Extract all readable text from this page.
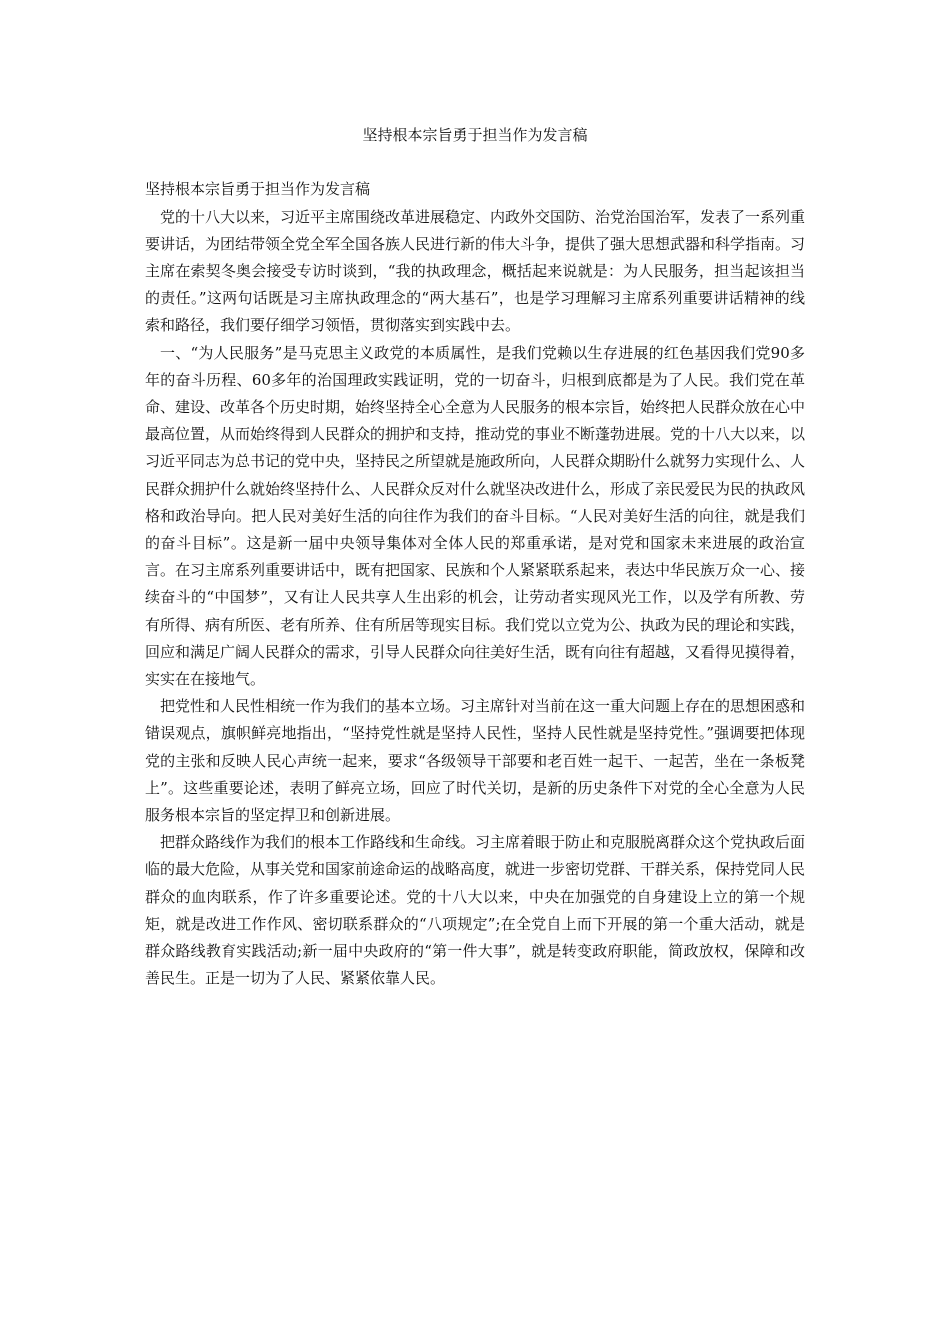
坚持根本宗旨勇于担当作为发言稿

坚持根本宗旨勇于担当作为发言稿

党的十八大以来，习近平主席围绕改革进展稳定、内政外交国防、治党治国治军，发表了一系列重要讲话，为团结带领全党全军全国各族人民进行新的伟大斗争，提供了强大思想武器和科学指南。习主席在索契冬奥会接受专访时谈到，“我的执政理念，概括起来说就是：为人民服务，担当起该担当的责任。”这两句话既是习主席执政理念的“两大基石”，也是学习理解习主席系列重要讲话精神的线索和路径，我们要仔细学习领悟，贯彻落实到实践中去。

一、“为人民服务”是马克思主义政党的本质属性，是我们党赖以生存进展的红色基因我们党90多年的奋斗历程、60多年的治国理政实践证明，党的一切奋斗，归根到底都是为了人民。我们党在革命、建设、改革各个历史时期，始终坚持全心全意为人民服务的根本宗旨，始终把人民群众放在心中最高位置，从而始终得到人民群众的拥护和支持，推动党的事业不断蓬勃进展。党的十八大以来，以习近平同志为总书记的党中央，坚持民之所望就是施政所向，人民群众期盼什么就努力实现什么、人民群众拥护什么就始终坚持什么、人民群众反对什么就坚决改进什么，形成了亲民爱民为民的执政风格和政治导向。把人民对美好生活的向往作为我们的奋斗目标。“人民对美好生活的向往，就是我们的奋斗目标”。这是新一届中央领导集体对全体人民的郑重承诺，是对党和国家未来进展的政治宣言。在习主席系列重要讲话中，既有把国家、民族和个人紧紧联系起来，表达中华民族万众一心、接续奋斗的“中国梦”，又有让人民共享人生出彩的机会，让劳动者实现风光工作，以及学有所教、劳有所得、病有所医、老有所养、住有所居等现实目标。我们党以立党为公、执政为民的理论和实践，回应和满足广阔人民群众的需求，引导人民群众向往美好生活，既有向往有超越，又看得见摸得着，实实在在接地气。

把党性和人民性相统一作为我们的基本立场。习主席针对当前在这一重大问题上存在的思想困惑和错误观点，旗帜鲜亮地指出，“坚持党性就是坚持人民性，坚持人民性就是坚持党性。”强调要把体现党的主张和反映人民心声统一起来，要求“各级领导干部要和老百姓一起干、一起苦，坐在一条板凳上”。这些重要论述，表明了鲜亮立场，回应了时代关切，是新的历史条件下对党的全心全意为人民服务根本宗旨的坚定捍卫和创新进展。

把群众路线作为我们的根本工作路线和生命线。习主席着眼于防止和克服脱离群众这个党执政后面临的最大危险，从事关党和国家前途命运的战略高度，就进一步密切党群、干群关系，保持党同人民群众的血肉联系，作了许多重要论述。党的十八大以来，中央在加强党的自身建设上立的第一个规矩，就是改进工作作风、密切联系群众的“八项规定”;在全党自上而下开展的第一个重大活动，就是群众路线教育实践活动;新一届中央政府的“第一件大事”，就是转变政府职能，简政放权，保障和改善民生。正是一切为了人民、紧紧依靠人民。
